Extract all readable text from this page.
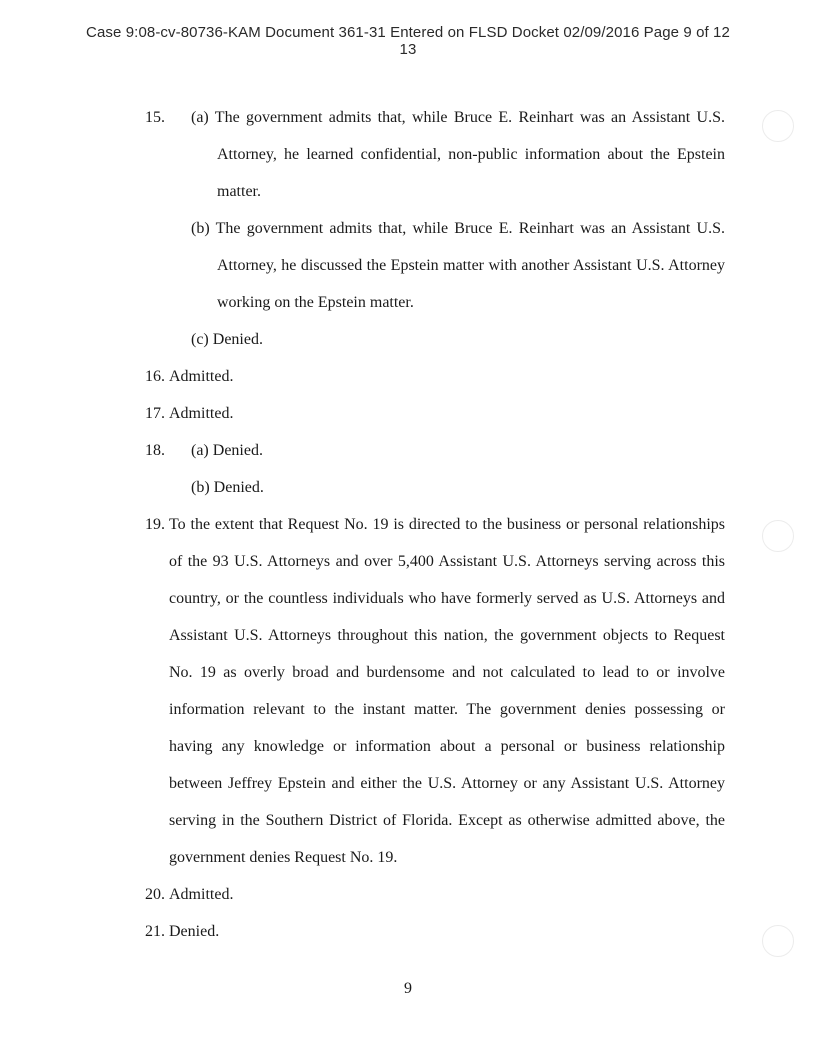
Case 9:08-cv-80736-KAM Document 361-31 Entered on FLSD Docket 02/09/2016 Page 9 of 12
13
15.	(a) The government admits that, while Bruce E. Reinhart was an Assistant U.S. Attorney, he learned confidential, non-public information about the Epstein matter.
(b) The government admits that, while Bruce E. Reinhart was an Assistant U.S. Attorney, he discussed the Epstein matter with another Assistant U.S. Attorney working on the Epstein matter.
(c) Denied.
16. Admitted.
17. Admitted.
18.	(a) Denied.
(b) Denied.
19. To the extent that Request No. 19 is directed to the business or personal relationships of the 93 U.S. Attorneys and over 5,400 Assistant U.S. Attorneys serving across this country, or the countless individuals who have formerly served as U.S. Attorneys and Assistant U.S. Attorneys throughout this nation, the government objects to Request No. 19 as overly broad and burdensome and not calculated to lead to or involve information relevant to the instant matter. The government denies possessing or having any knowledge or information about a personal or business relationship between Jeffrey Epstein and either the U.S. Attorney or any Assistant U.S. Attorney serving in the Southern District of Florida. Except as otherwise admitted above, the government denies Request No. 19.
20. Admitted.
21. Denied.
9
